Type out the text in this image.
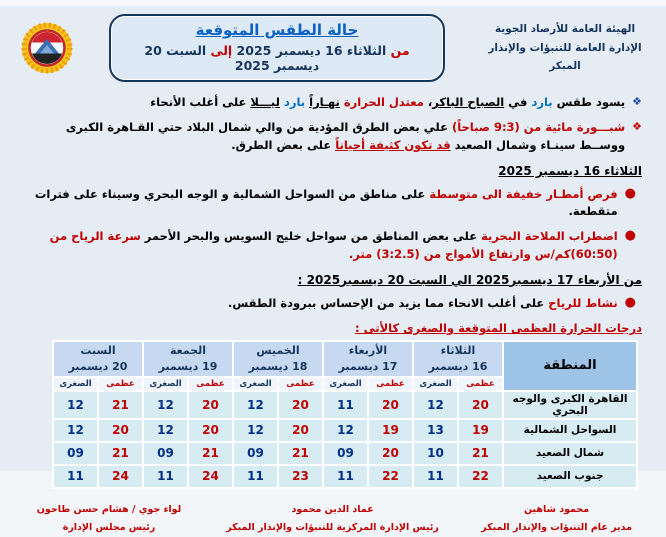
الهيئة العامة للأرصاد الجوية
الإدارة العامة للتنبؤات والإنذار المبكر
حالة الطقس المتوقعة
من الثلاثاء 16 ديسمبر 2025 إلى السبت 20 ديسمبر 2025
❖
يسود طقس بارد في الصباح الباكر، معتدل الحرارة نهـاراً بارد ليـــلا على أغلب الأنحاء
❖
شبـــورة مائية من (9:3 صباحاً) علي بعض الطرق المؤدية من والي شمال البلاد حتي القـاهرة الكبرى ووســط سينـاء وشمال الصعيد قد تكون كثيفة أحياناً على بعض الطرق.
الثلاثاء 16 ديسمبر 2025
●
فرص أمطـار خفيفة الى متوسطة على مناطق من السواحل الشمالية و الوجه البحري وسيناء على فترات متقطعة.
●
اضطراب الملاحة البحرية على بعض المناطق من سواحل خليج السويس والبحر الأحمر سرعة الرياح من (60:50)كم/س وارتفاع الأمواج من (3:2.5) متر.
من الأربعاء 17 ديسمبر2025 الي السبت 20 ديسمبر2025 :
●
نشاط للرياح على أغلب الانحاء مما يزيد من الإحساس ببرودة الطقس.
درجات الحرارة العظمى المتوقعة والصغرى كالأتى :
المنطقة	
الثلاثاء
16 ديسمبر

الأربعاء
17 ديسمبر

الخميس
18 ديسمبر

الجمعة
19 ديسمبر

السبت
20 ديسمبر

	عظمى	الصغرى	عظمى	الصغرى	عظمى	الصغرى	عظمى	الصغرى	عظمى	الصغرى
القاهرة الكبرى والوجه البحري	20	12	20	11	20	12	20	12	21	12
السواحل الشمالية	19	13	19	12	20	12	20	12	20	12
شمال الصعيد	21	10	20	09	21	09	21	09	21	09
جنوب الصعيد	22	11	22	11	23	11	24	11	24	11
محمود شاهين
مدير عام التنبؤات والإنذار المبكر
عماد الدين محمود
رئيس الإدارة المركزية للتنبؤات والإنذار المبكر
لواء جوي / هشام حسن طاحون
رئيس مجلس الإدارة
